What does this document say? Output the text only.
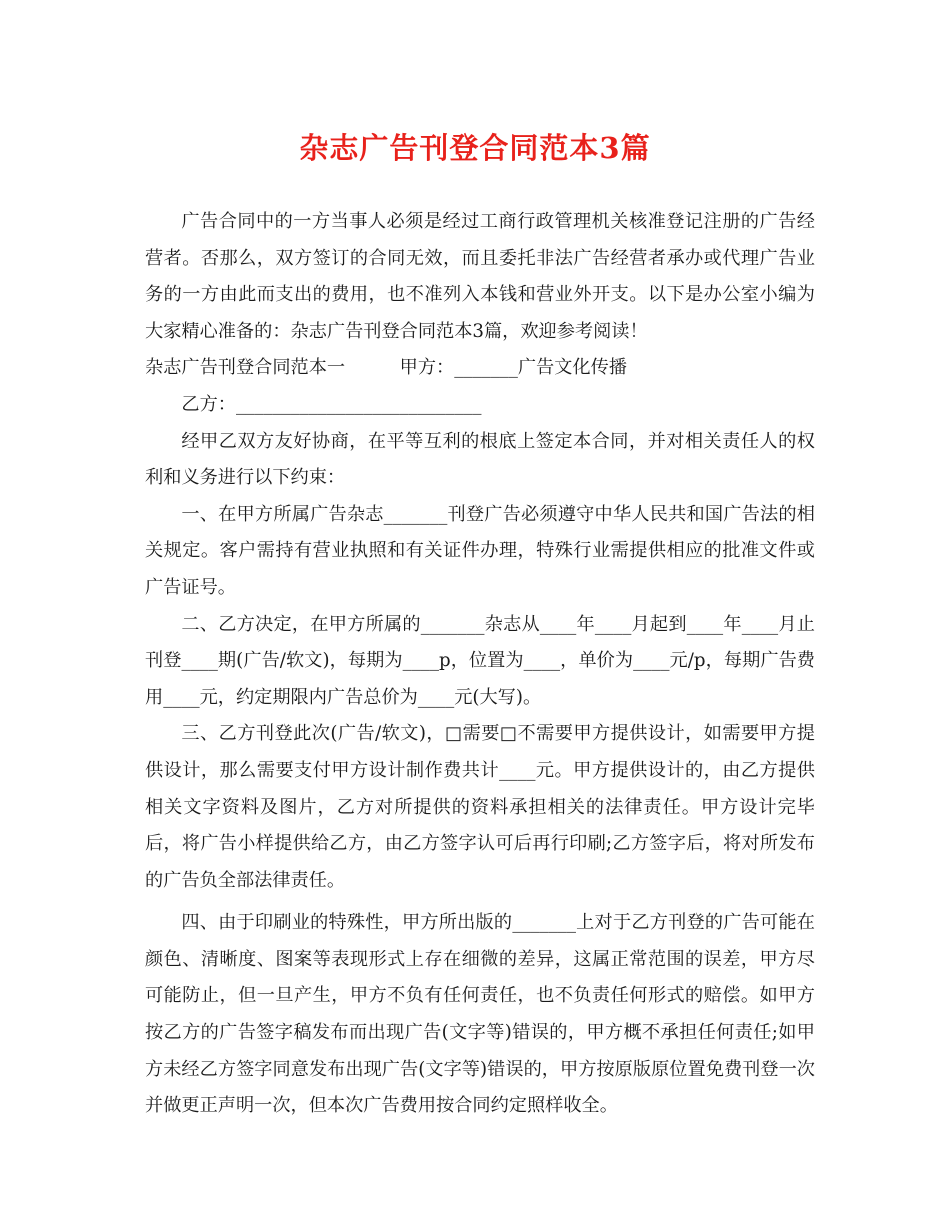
杂志广告刊登合同范本3篇

广告合同中的一方当事人必须是经过工商行政管理机关核准登记注册的广告经营者。否那么，双方签订的合同无效，而且委托非法广告经营者承办或代理广告业务的一方由此而支出的费用，也不准列入本钱和营业外开支。以下是办公室小编为大家精心准备的：杂志广告刊登合同范本3篇，欢迎参考阅读！

杂志广告刊登合同范本一　　　甲方：_______广告文化传播

乙方：___________________________

经甲乙双方友好协商，在平等互利的根底上签定本合同，并对相关责任人的权利和义务进行以下约束：

一、在甲方所属广告杂志_______刊登广告必须遵守中华人民共和国广告法的相关规定。客户需持有营业执照和有关证件办理，特殊行业需提供相应的批准文件或广告证号。

二、乙方决定，在甲方所属的_______杂志从____年____月起到____年____月止刊登____期(广告/软文)，每期为____p，位置为____，单价为____元/p，每期广告费用____元，约定期限内广告总价为____元(大写)。

三、乙方刊登此次(广告/软文)，□需要□不需要甲方提供设计，如需要甲方提供设计，那么需要支付甲方设计制作费共计____元。甲方提供设计的，由乙方提供相关文字资料及图片，乙方对所提供的资料承担相关的法律责任。甲方设计完毕后，将广告小样提供给乙方，由乙方签字认可后再行印刷;乙方签字后，将对所发布的广告负全部法律责任。

四、由于印刷业的特殊性，甲方所出版的_______上对于乙方刊登的广告可能在颜色、清晰度、图案等表现形式上存在细微的差异，这属正常范围的误差，甲方尽可能防止，但一旦产生，甲方不负有任何责任，也不负责任何形式的赔偿。如甲方按乙方的广告签字稿发布而出现广告(文字等)错误的，甲方概不承担任何责任;如甲方未经乙方签字同意发布出现广告(文字等)错误的，甲方按原版原位置免费刊登一次并做更正声明一次，但本次广告费用按合同约定照样收全。
